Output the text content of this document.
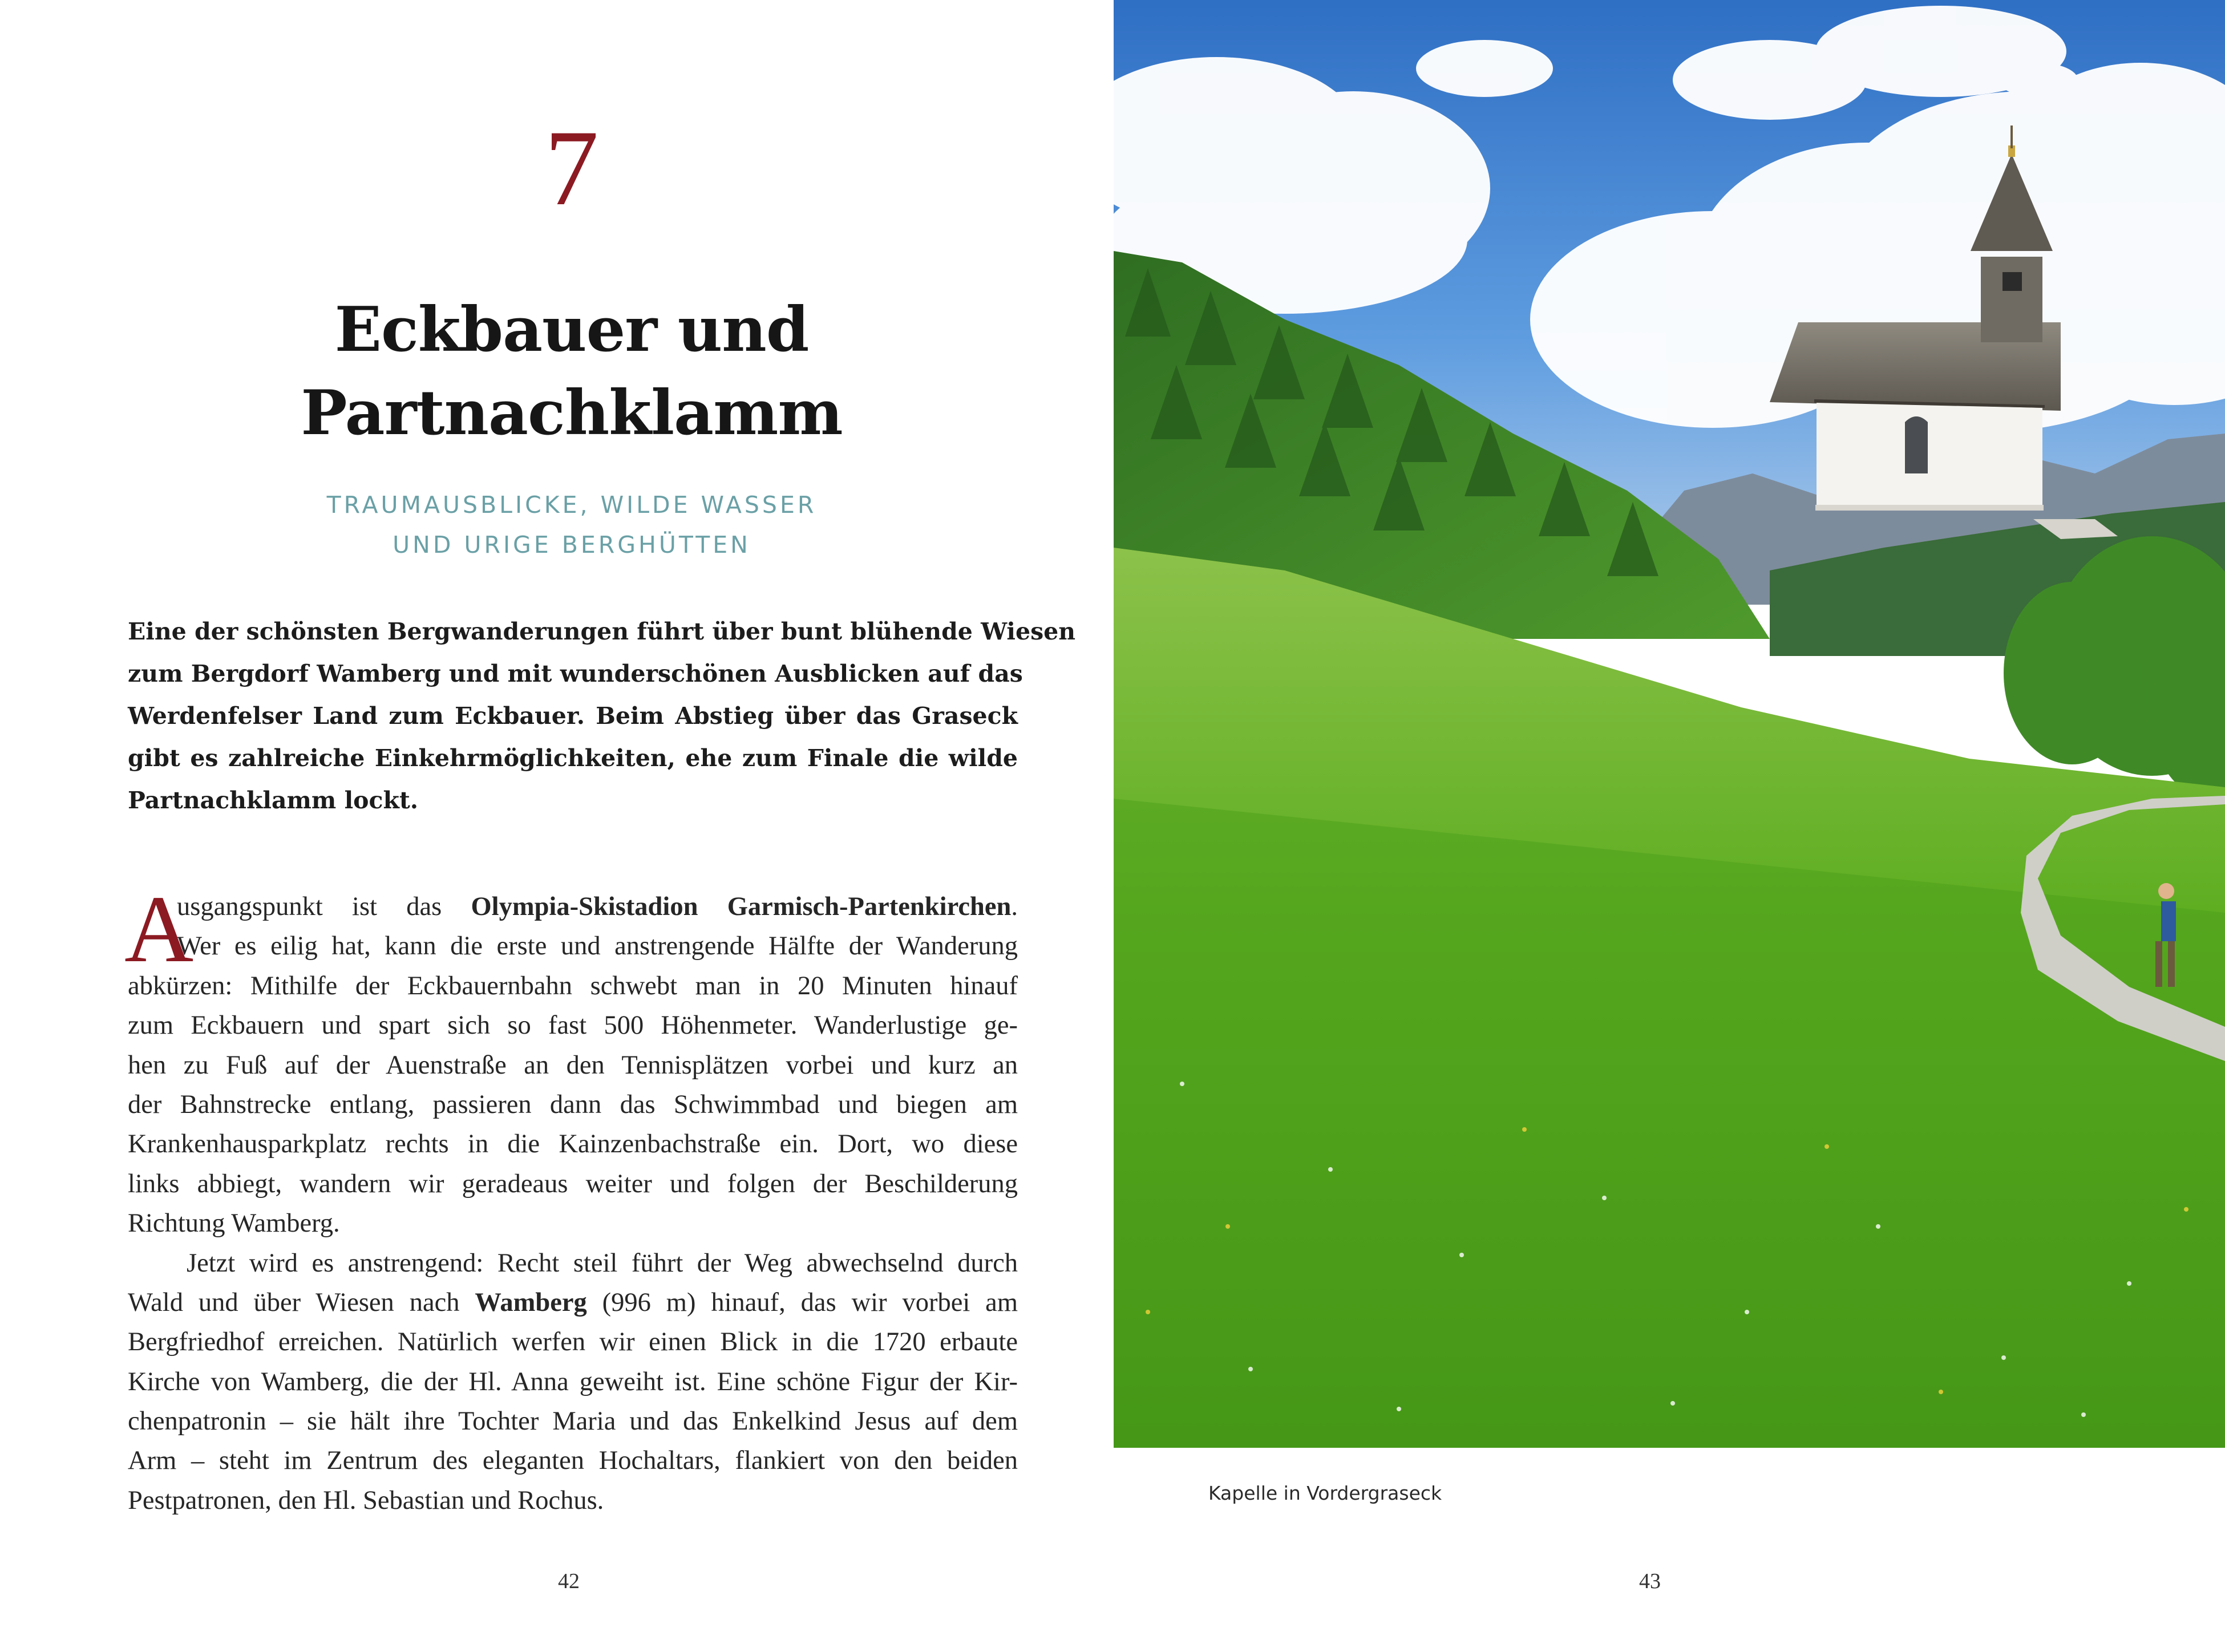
7
Eckbauer und
Partnachklamm
TRAUMAUSBLICKE, WILDE WASSER
UND URIGE BERGHÜTTEN
Eine der schönsten Bergwanderungen führt über bunt blühende Wiesen
zum Bergdorf Wamberg und mit wunderschönen Ausblicken auf das
Werdenfelser Land zum Eckbauer. Beim Abstieg über das Graseck
gibt es zahlreiche Einkehrmöglichkeiten, ehe zum Finale die wilde
Partnachklamm lockt.
A
usgangspunkt ist das Olympia-Skistadion Garmisch-Partenkirchen.
Wer es eilig hat, kann die erste und anstrengende Hälfte der Wanderung
abkürzen: Mithilfe der Eckbauernbahn schwebt man in 20 Minuten hinauf
zum Eckbauern und spart sich so fast 500 Höhenmeter. Wanderlustige ge-
hen zu Fuß auf der Auenstraße an den Tennisplätzen vorbei und kurz an
der Bahnstrecke entlang, passieren dann das Schwimmbad und biegen am
Krankenhausparkplatz rechts in die Kainzenbachstraße ein. Dort, wo diese
links abbiegt, wandern wir geradeaus weiter und folgen der Beschilderung
Richtung Wamberg.
Jetzt wird es anstrengend: Recht steil führt der Weg abwechselnd durch
Wald und über Wiesen nach Wamberg (996 m) hinauf, das wir vorbei am
Bergfriedhof erreichen. Natürlich werfen wir einen Blick in die 1720 erbaute
Kirche von Wamberg, die der Hl. Anna geweiht ist. Eine schöne Figur der Kir-
chenpatronin – sie hält ihre Tochter Maria und das Enkelkind Jesus auf dem
Arm – steht im Zentrum des eleganten Hochaltars, flankiert von den beiden
Pestpatronen, den Hl. Sebastian und Rochus.
42
Kapelle in Vordergraseck
43
